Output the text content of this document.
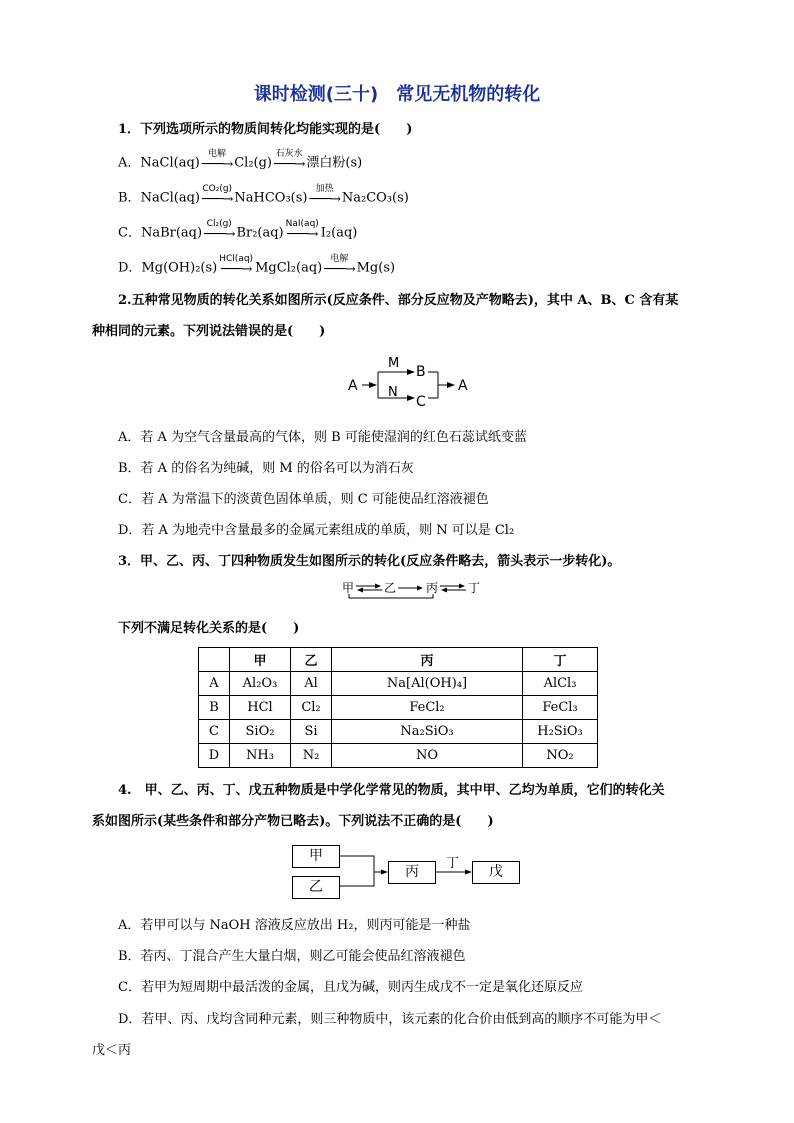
课时检测(三十)　常见无机物的转化
1．下列选项所示的物质间转化均能实现的是(　　)
A．NaCl(aq)
电解
───→ Cl₂(g)
石灰水
───→ 漂白粉(s)
B．NaCl(aq)
CO₂(g)
───→ NaHCO₃(s)
加热
───→ Na₂CO₃(s)
C．NaBr(aq)
Cl₂(g)
───→ Br₂(aq)
NaI(aq)
───→ I₂(aq)
D．Mg(OH)₂(s)
HCl(aq)
───→ MgCl₂(aq)
电解
───→ Mg(s)
2.五种常见物质的转化关系如图所示(反应条件、部分反应物及产物略去)，其中 A、B、C 含有某
种相同的元素。下列说法错误的是(　　)
A
M
N
B
C
A
A．若 A 为空气含量最高的气体，则 B 可能使湿润的红色石蕊试纸变蓝
B．若 A 的俗名为纯碱，则 M 的俗名可以为消石灰
C．若 A 为常温下的淡黄色固体单质，则 C 可能使品红溶液褪色
D．若 A 为地壳中含量最多的金属元素组成的单质，则 N 可以是 Cl₂
3．甲、乙、丙、丁四种物质发生如图所示的转化(反应条件略去，箭头表示一步转化)。
甲 乙 丙 丁
下列不满足转化关系的是(　　)
	甲	乙	丙	丁
A	Al₂O₃	Al	Na[Al(OH)₄]	AlCl₃
B	HCl	Cl₂	FeCl₂	FeCl₃
C	SiO₂	Si	Na₂SiO₃	H₂SiO₃
D	NH₃	N₂	NO	NO₂
4.　甲、乙、丙、丁、戊五种物质是中学化学常见的物质，其中甲、乙均为单质，它们的转化关
系如图所示(某些条件和部分产物已略去)。下列说法不正确的是(　　)
甲
乙
丙	戊
丁
A．若甲可以与 NaOH 溶液反应放出 H₂，则丙可能是一种盐
B．若丙、丁混合产生大量白烟，则乙可能会使品红溶液褪色
C．若甲为短周期中最活泼的金属，且戊为碱，则丙生成戊不一定是氧化还原反应
D．若甲、丙、戊均含同种元素，则三种物质中，该元素的化合价由低到高的顺序不可能为甲＜
戊＜丙
